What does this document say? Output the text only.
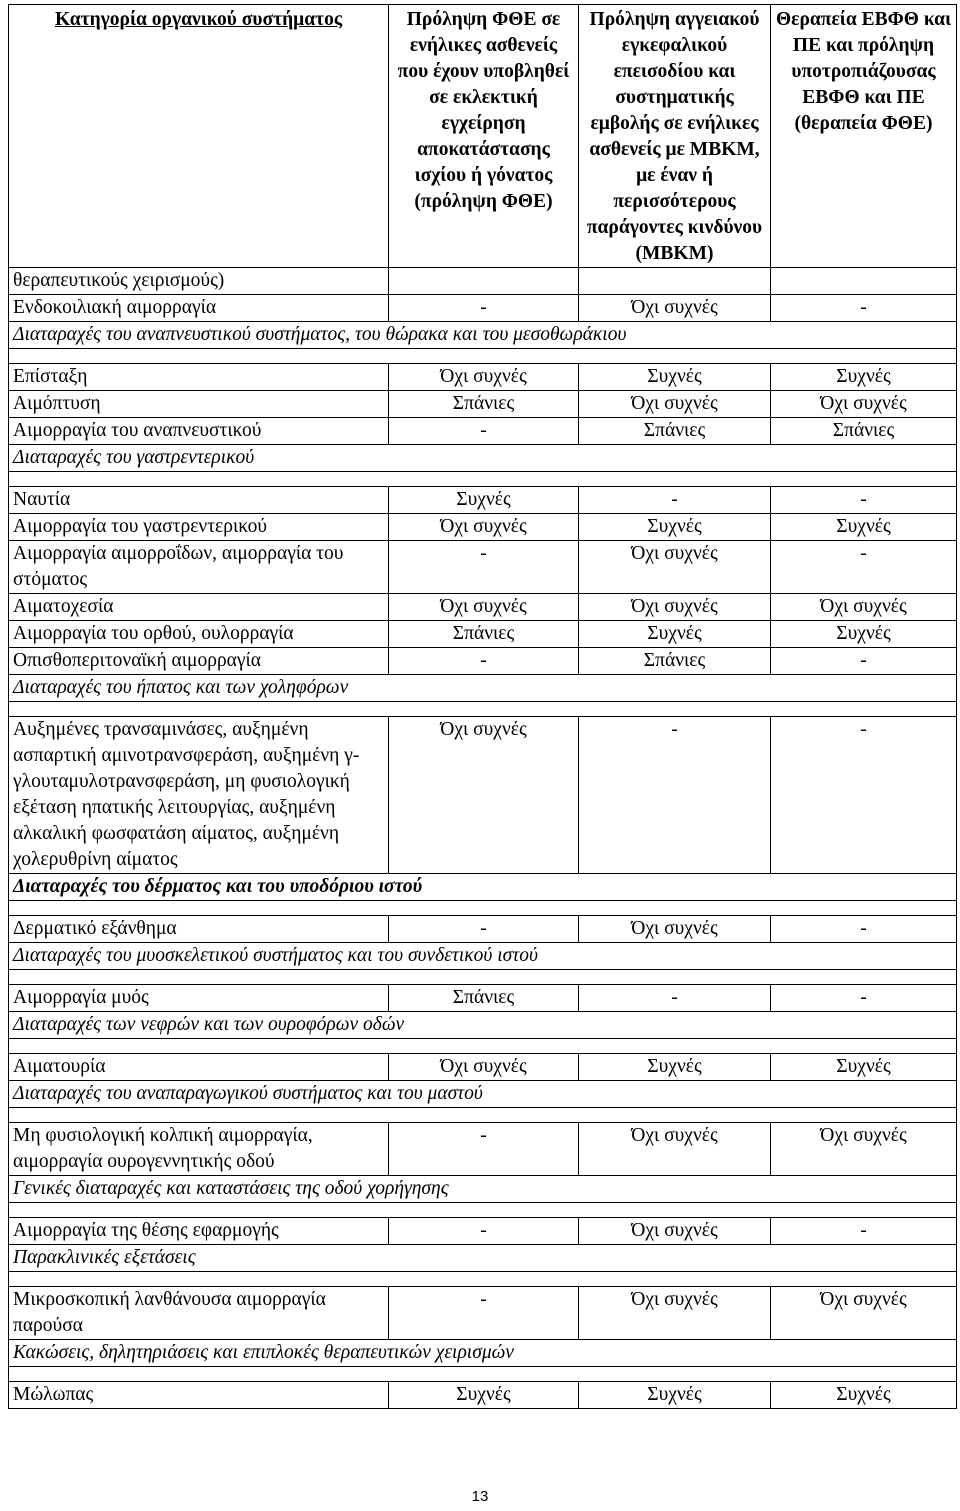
Κατηγορία οργανικού συστήματος	Πρόληψη ΦΘΕ σε ενήλικες ασθενείς που έχουν υποβληθεί σε εκλεκτική εγχείρηση αποκατάστασης ισχίου ή γόνατος (πρόληψη ΦΘΕ)	Πρόληψη αγγειακού εγκεφαλικού επεισοδίου και συστηματικής εμβολής σε ενήλικες ασθενείς με ΜΒΚΜ, με έναν ή περισσότερους παράγοντες κινδύνου (ΜΒΚΜ)	Θεραπεία ΕΒΦΘ και ΠΕ και πρόληψη υποτροπιάζουσας ΕΒΦΘ και ΠΕ (θεραπεία ΦΘΕ)
θεραπευτικούς χειρισμούς)			
Ενδοκοιλιακή αιμορραγία	-	Όχι συχνές	-
Διαταραχές του αναπνευστικού συστήματος, του θώρακα και του μεσοθωράκιου			

Επίσταξη	Όχι συχνές	Συχνές	Συχνές
Αιμόπτυση	Σπάνιες	Όχι συχνές	Όχι συχνές
Αιμορραγία του αναπνευστικού	-	Σπάνιες	Σπάνιες
Διαταραχές του γαστρεντερικού			

Ναυτία	Συχνές	-	-
Αιμορραγία του γαστρεντερικού	Όχι συχνές	Συχνές	Συχνές
Αιμορραγία αιμορροΐδων, αιμορραγία του στόματος	-	Όχι συχνές	-
Αιματοχεσία	Όχι συχνές	Όχι συχνές	Όχι συχνές
Αιμορραγία του ορθού, ουλορραγία	Σπάνιες	Συχνές	Συχνές
Οπισθοπεριτοναϊκή αιμορραγία	-	Σπάνιες	-
Διαταραχές του ήπατος και των χοληφόρων			

Αυξημένες τρανσαμινάσες, αυξημένη ασπαρτική αμινοτρανσφεράση, αυξημένη γ-γλουταμυλοτρανσφεράση, μη φυσιολογική εξέταση ηπατικής λειτουργίας, αυξημένη αλκαλική φωσφατάση αίματος, αυξημένη χολερυθρίνη αίματος	Όχι συχνές	-	-
Διαταραχές του δέρματος και του υποδόριου ιστού			

Δερματικό εξάνθημα	-	Όχι συχνές	-
Διαταραχές του μυοσκελετικού συστήματος και του συνδετικού ιστού			

Αιμορραγία μυός	Σπάνιες	-	-
Διαταραχές των νεφρών και των ουροφόρων οδών			

Αιματουρία	Όχι συχνές	Συχνές	Συχνές
Διαταραχές του αναπαραγωγικού συστήματος και του μαστού			

Μη φυσιολογική κολπική αιμορραγία, αιμορραγία ουρογεννητικής οδού	-	Όχι συχνές	Όχι συχνές
Γενικές διαταραχές και καταστάσεις της οδού χορήγησης			

Αιμορραγία της θέσης εφαρμογής	-	Όχι συχνές	-
Παρακλινικές εξετάσεις			

Μικροσκοπική λανθάνουσα αιμορραγία παρούσα	-	Όχι συχνές	Όχι συχνές
Κακώσεις, δηλητηριάσεις και επιπλοκές θεραπευτικών χειρισμών			

Μώλωπας	Συχνές	Συχνές	Συχνές
13
